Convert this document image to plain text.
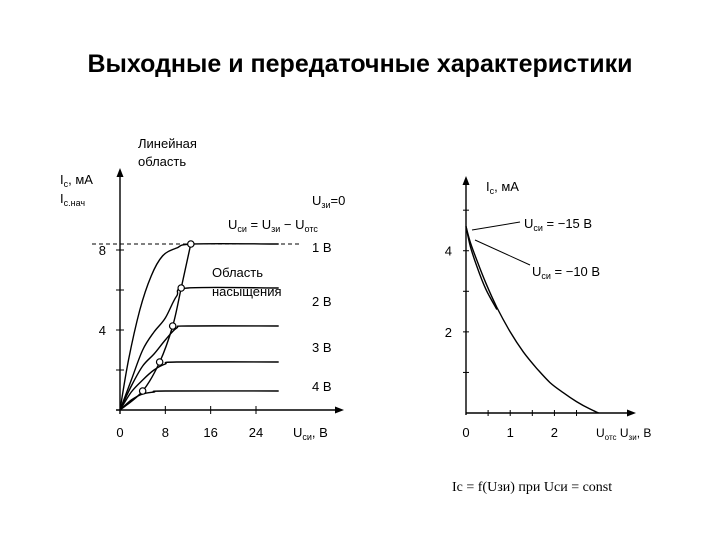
Выходные и передаточные характеристики
4
8
0	8	16 24
$I_c$, мА
$I_{c.нач}$
$U_{си}$, В
$U_{зи}=0$
1 В
2 В
3 В
4 В
Линейная
область
$U_{си} = U_{зи} - U_{отс}$
Область
насыщения
2
4
0	1	2
$I_c$, мА
$U_{отс}$ $U_{зи}$, В
$U_{си} = -15$ В
$U_{си} = -10$ В
Ic = f(Uзи) при Uси = const
